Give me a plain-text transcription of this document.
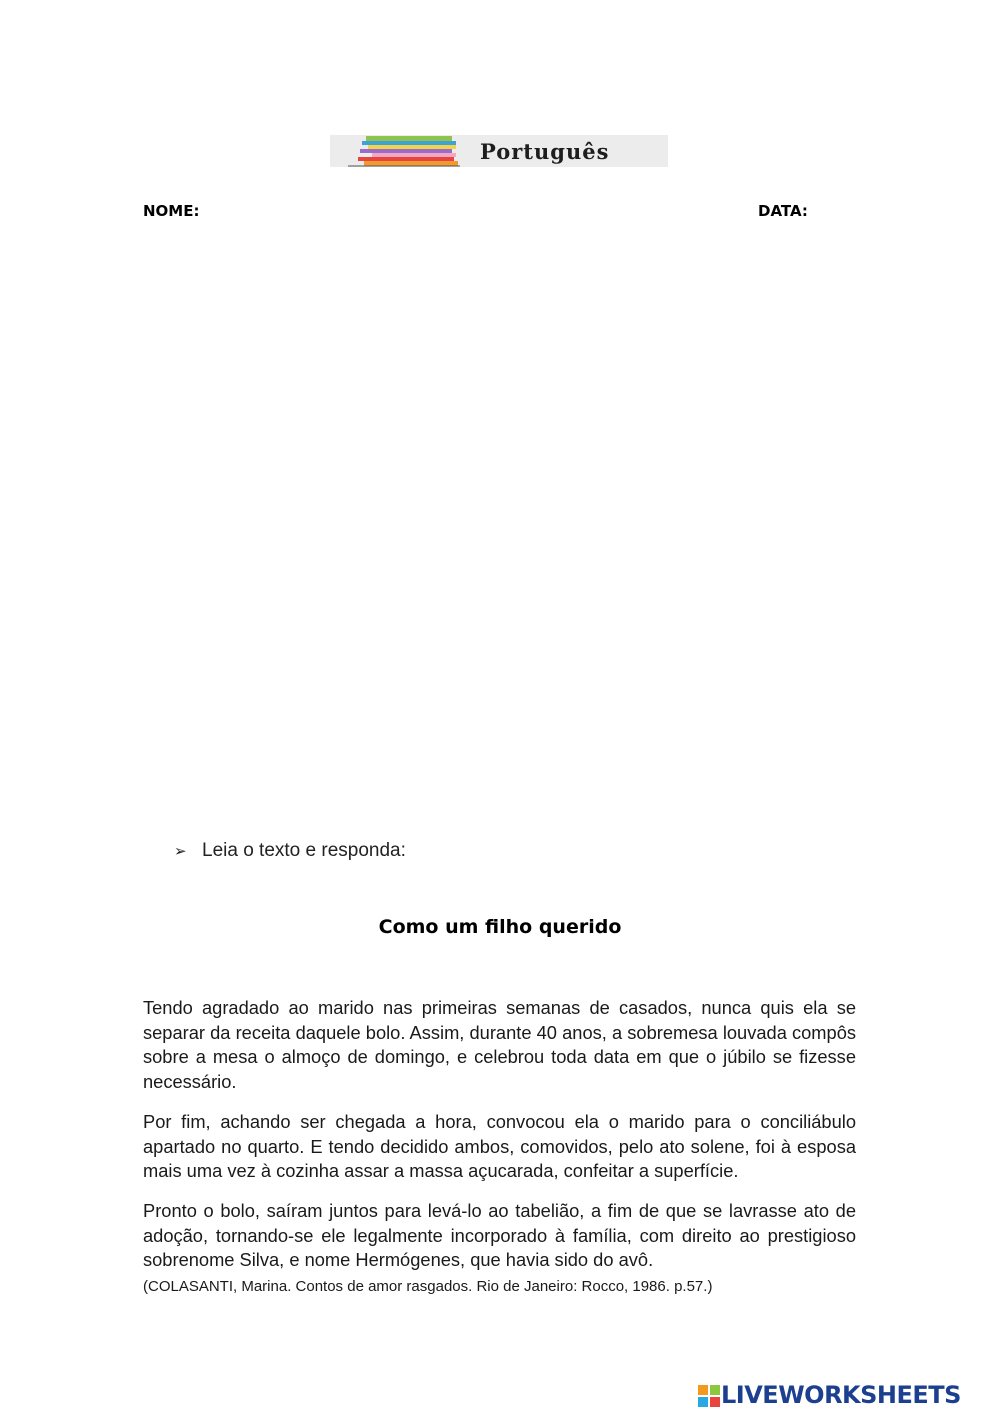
Português
NOME:	DATA:
➢ Leia o texto e responda:
Como um filho querido

Tendo agradado ao marido nas primeiras semanas de casados, nunca quis ela se separar da receita daquele bolo. Assim, durante 40 anos, a sobremesa louvada compôs sobre a mesa o almoço de domingo, e celebrou toda data em que o júbilo se fizesse necessário.

Por fim, achando ser chegada a hora, convocou ela o marido para o conciliábulo apartado no quarto. E tendo decidido ambos, comovidos, pelo ato solene, foi à esposa mais uma vez à cozinha assar a massa açucarada, confeitar a superfície.

Pronto o bolo, saíram juntos para levá-lo ao tabelião, a fim de que se lavrasse ato de adoção, tornando-se ele legalmente incorporado à família, com direito ao prestigioso sobrenome Silva, e nome Hermógenes, que havia sido do avô.
(COLASANTI, Marina. Contos de amor rasgados. Rio de Janeiro: Rocco, 1986. p.57.)
LIVEWORKSHEETS
